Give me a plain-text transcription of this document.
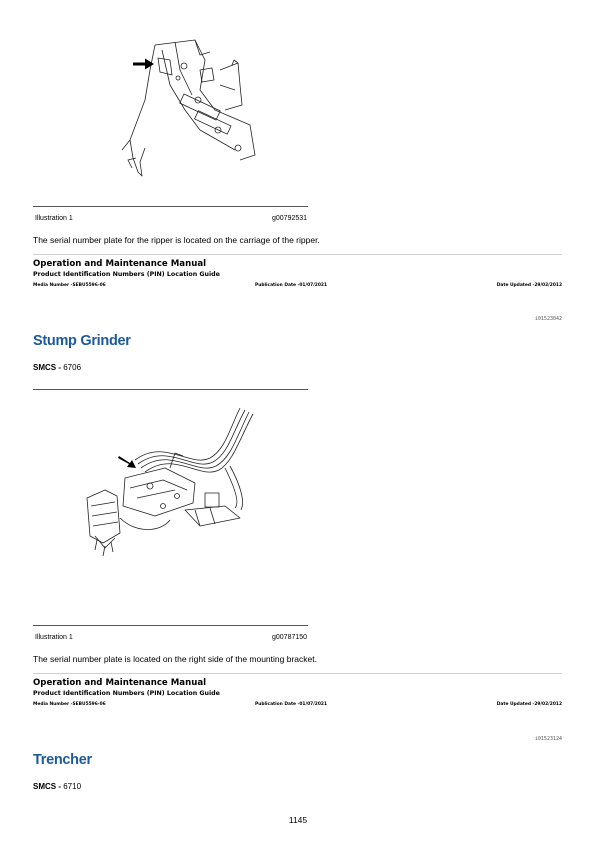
Illustration 1	g00792531
The serial number plate for the ripper is located on the carriage of the ripper.
Operation and Maintenance Manual
Product Identification Numbers (PIN) Location Guide
Media Number -SEBU5596-06	Publication Date -01/07/2021	Date Updated -29/02/2012
i01523042
Stump Grinder
SMCS - 6706
Illustration 1	g00787150
The serial number plate is located on the right side of the mounting bracket.
Operation and Maintenance Manual
Product Identification Numbers (PIN) Location Guide
Media Number -SEBU5596-06	Publication Date -01/07/2021	Date Updated -29/02/2012
i01523124
Trencher
SMCS - 6710
1145
